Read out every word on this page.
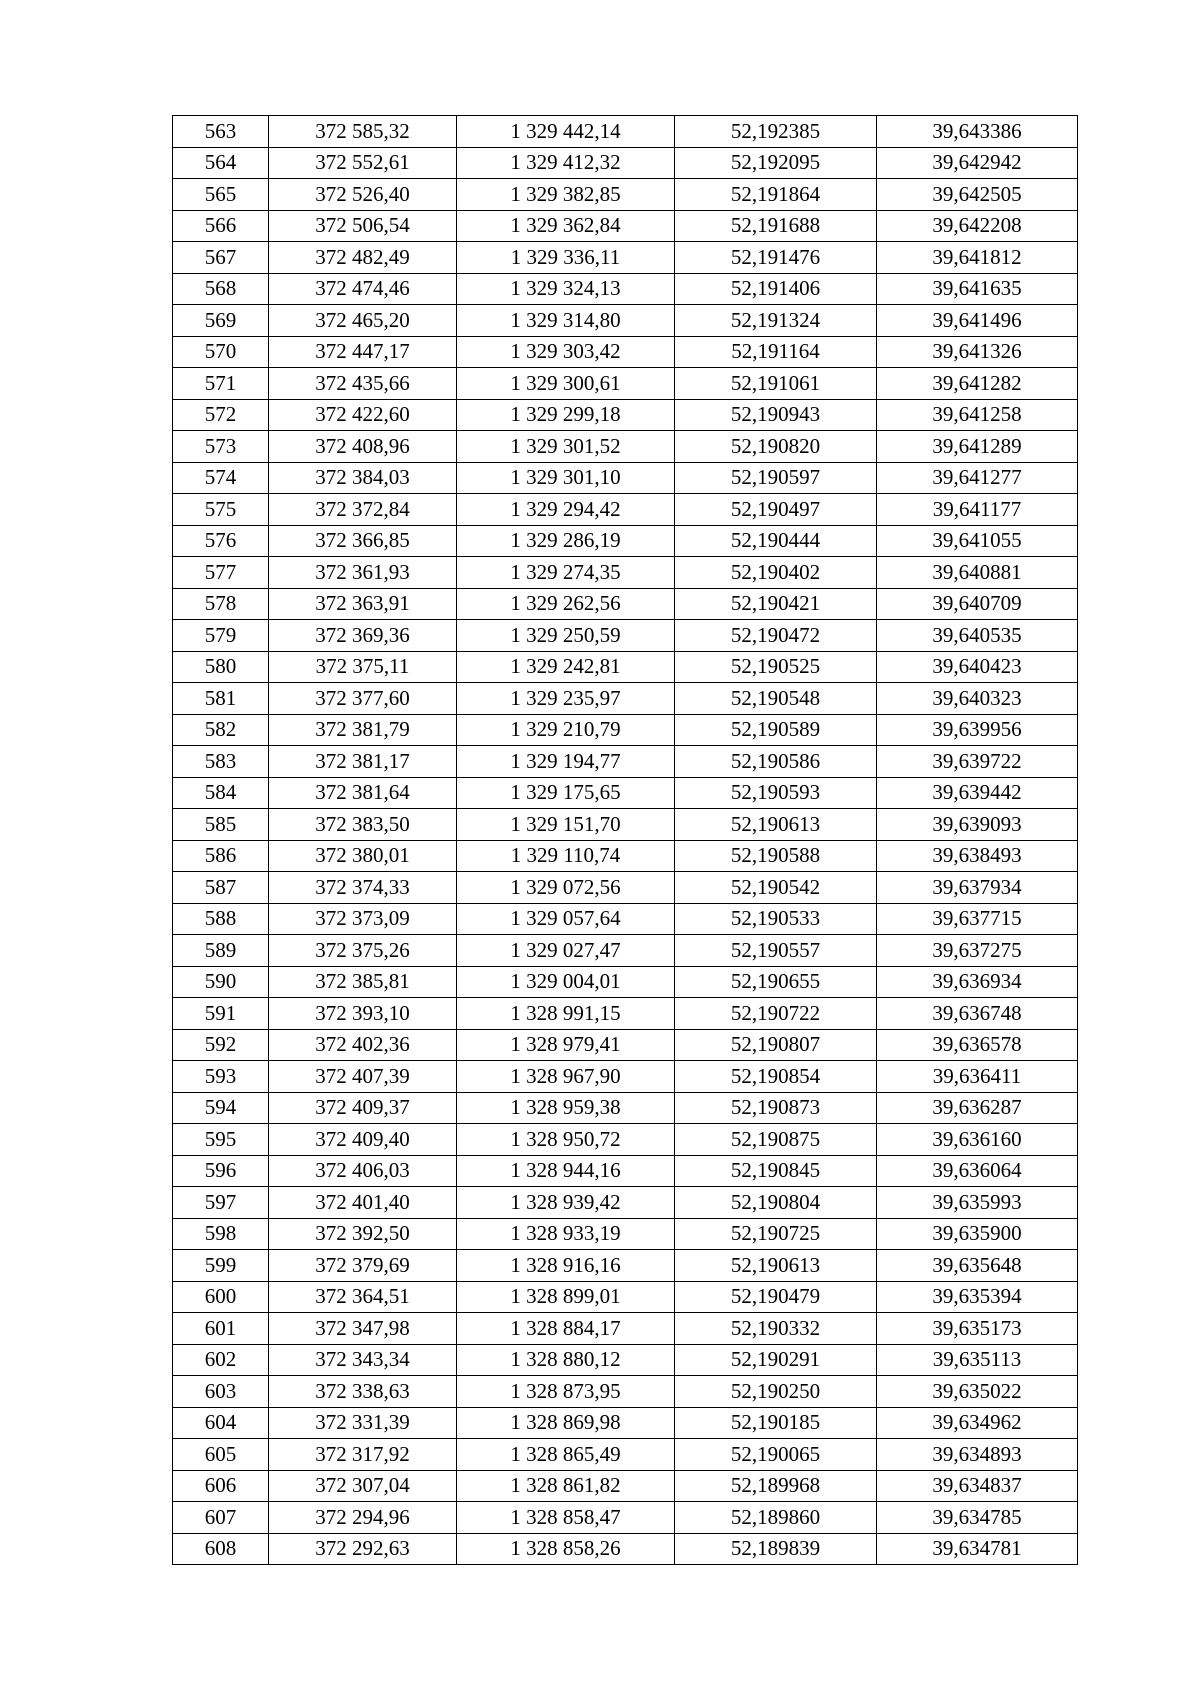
563	372 585,32	1 329 442,14	52,192385	39,643386
564	372 552,61	1 329 412,32	52,192095	39,642942
565	372 526,40	1 329 382,85	52,191864	39,642505
566	372 506,54	1 329 362,84	52,191688	39,642208
567	372 482,49	1 329 336,11	52,191476	39,641812
568	372 474,46	1 329 324,13	52,191406	39,641635
569	372 465,20	1 329 314,80	52,191324	39,641496
570	372 447,17	1 329 303,42	52,191164	39,641326
571	372 435,66	1 329 300,61	52,191061	39,641282
572	372 422,60	1 329 299,18	52,190943	39,641258
573	372 408,96	1 329 301,52	52,190820	39,641289
574	372 384,03	1 329 301,10	52,190597	39,641277
575	372 372,84	1 329 294,42	52,190497	39,641177
576	372 366,85	1 329 286,19	52,190444	39,641055
577	372 361,93	1 329 274,35	52,190402	39,640881
578	372 363,91	1 329 262,56	52,190421	39,640709
579	372 369,36	1 329 250,59	52,190472	39,640535
580	372 375,11	1 329 242,81	52,190525	39,640423
581	372 377,60	1 329 235,97	52,190548	39,640323
582	372 381,79	1 329 210,79	52,190589	39,639956
583	372 381,17	1 329 194,77	52,190586	39,639722
584	372 381,64	1 329 175,65	52,190593	39,639442
585	372 383,50	1 329 151,70	52,190613	39,639093
586	372 380,01	1 329 110,74	52,190588	39,638493
587	372 374,33	1 329 072,56	52,190542	39,637934
588	372 373,09	1 329 057,64	52,190533	39,637715
589	372 375,26	1 329 027,47	52,190557	39,637275
590	372 385,81	1 329 004,01	52,190655	39,636934
591	372 393,10	1 328 991,15	52,190722	39,636748
592	372 402,36	1 328 979,41	52,190807	39,636578
593	372 407,39	1 328 967,90	52,190854	39,636411
594	372 409,37	1 328 959,38	52,190873	39,636287
595	372 409,40	1 328 950,72	52,190875	39,636160
596	372 406,03	1 328 944,16	52,190845	39,636064
597	372 401,40	1 328 939,42	52,190804	39,635993
598	372 392,50	1 328 933,19	52,190725	39,635900
599	372 379,69	1 328 916,16	52,190613	39,635648
600	372 364,51	1 328 899,01	52,190479	39,635394
601	372 347,98	1 328 884,17	52,190332	39,635173
602	372 343,34	1 328 880,12	52,190291	39,635113
603	372 338,63	1 328 873,95	52,190250	39,635022
604	372 331,39	1 328 869,98	52,190185	39,634962
605	372 317,92	1 328 865,49	52,190065	39,634893
606	372 307,04	1 328 861,82	52,189968	39,634837
607	372 294,96	1 328 858,47	52,189860	39,634785
608	372 292,63	1 328 858,26	52,189839	39,634781
